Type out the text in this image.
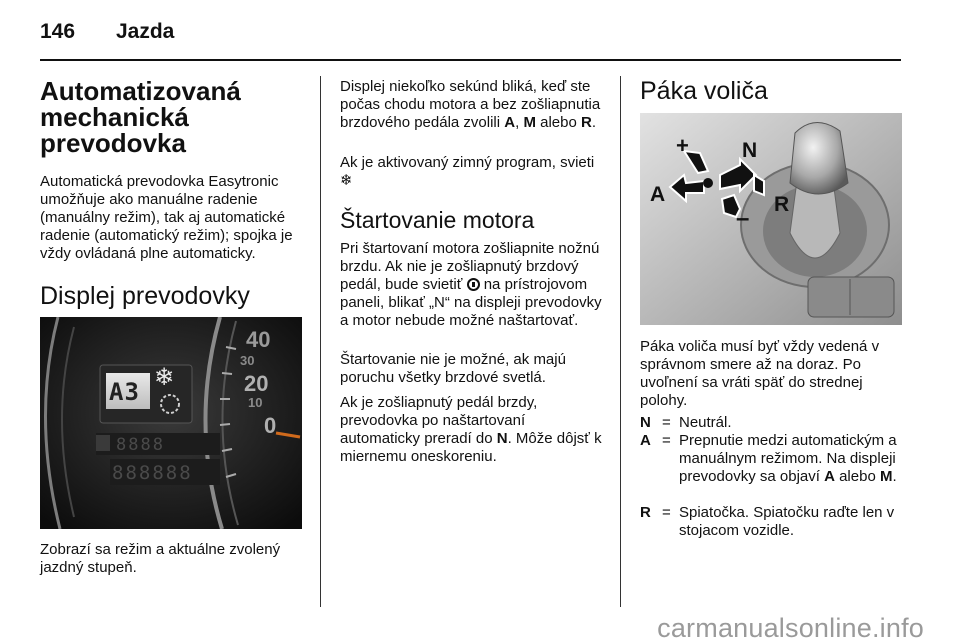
146 Jazda
Automatizovaná
mechanická
prevodovka

Automatická prevodovka Easytronic umožňuje ako manuálne radenie (manuálny režim), tak aj automatické radenie (automatický režim); spojka je vždy ovládaná plne automaticky.

Displej prevodovky
A3
❄
8888
888888
40
30
20
10
0

Zobrazí sa režim a aktuálne zvolený jazdný stupeň.

Displej niekoľko sekúnd bliká, keď ste počas chodu motora a bez zošliapnutia brzdového pedála zvolili A, M alebo R.

Ak je aktivovaný zimný program, svieti ❄

Štartovanie motora

Pri štartovaní motora zošliapnite nožnú brzdu. Ak nie je zošliapnutý brzdový pedál, bude svietiť na prístrojovom paneli, blikať „N“ na displeji prevodovky a motor nebude možné naštartovať.

Štartovanie nie je možné, ak majú poruchu všetky brzdové svetlá.

Ak je zošliapnutý pedál brzdy, prevodovka po naštartovaní automaticky preradí do N. Môže dôjsť k miernemu oneskoreniu.

Páka voliča
+	N
A	R
–

Páka voliča musí byť vždy vedená v správnom smere až na doraz. Po uvoľnení sa vráti späť do strednej polohy.

N = Neutrál.
A = Prepnutie medzi automatickým a manuálnym režimom. Na displeji prevodovky sa objaví A alebo M.
R = Spiatočka. Spiatočku raďte len v stojacom vozidle.
carmanualsonline.info
